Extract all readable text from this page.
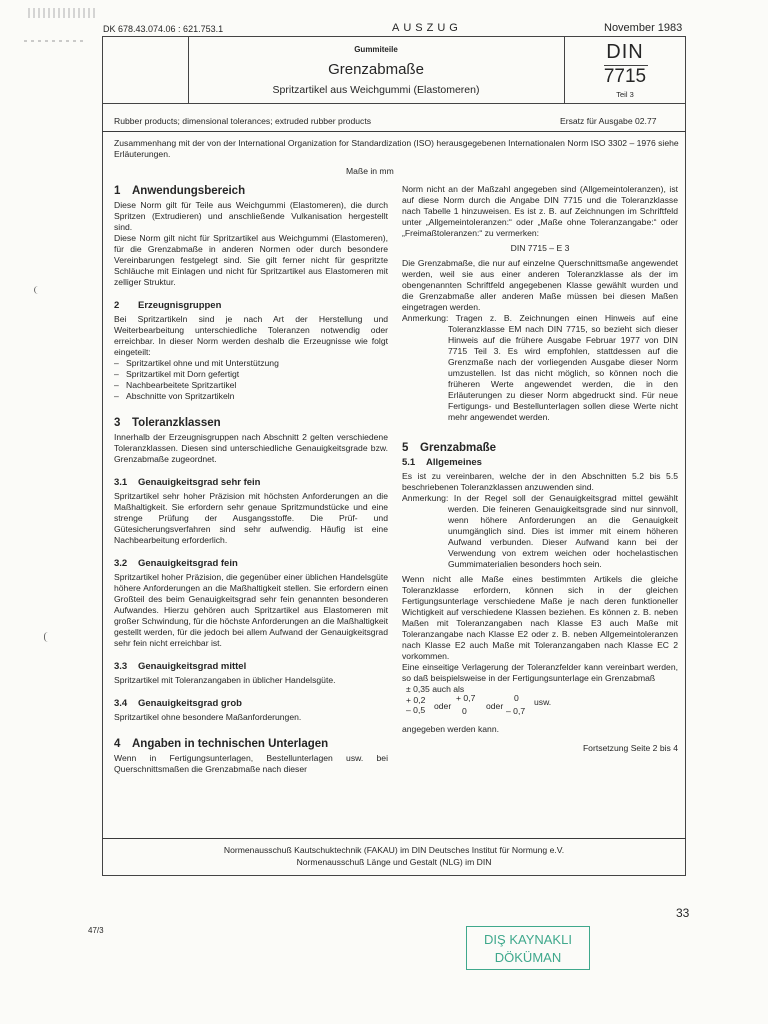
DK 678.43.074.06 : 621.753.1	AUSZUG	November 1983
Gummiteile
Grenzabmaße
Spritzartikel aus Weichgummi (Elastomeren)
DIN
7715
Teil 3
Rubber products; dimensional tolerances; extruded rubber products	Ersatz für Ausgabe 02.77
Zusammenhang mit der von der International Organization for Standardization (ISO) herausgegebenen Internationalen Norm ISO 3302 – 1976 siehe Erläuterungen.
Maße in mm
1 Anwendungsbereich
Diese Norm gilt für Teile aus Weichgummi (Elastomeren), die durch Spritzen (Extrudieren) und anschließende Vulkanisation hergestellt sind.
Diese Norm gilt nicht für Spritzartikel aus Weichgummi (Elastomeren), für die Grenzabmaße in anderen Normen oder durch besondere Vereinbarungen festgelegt sind. Sie gilt ferner nicht für gespritzte Schläuche mit Einlagen und nicht für Spritzartikel aus Elastomeren mit zelliger Struktur.
2 Erzeugnisgruppen
Bei Spritzartikeln sind je nach Art der Herstellung und Weiterbearbeitung unterschiedliche Toleranzen notwendig oder erreichbar. In dieser Norm werden deshalb die Erzeugnisse wie folgt eingeteilt:
– Spritzartikel ohne und mit Unterstützung
– Spritzartikel mit Dorn gefertigt
– Nachbearbeitete Spritzartikel
– Abschnitte von Spritzartikeln
3 Toleranzklassen
Innerhalb der Erzeugnisgruppen nach Abschnitt 2 gelten verschiedene Toleranzklassen. Diesen sind unterschiedliche Genauigkeitsgrade bzw. Grenzabmaße zugeordnet.
3.1 Genauigkeitsgrad sehr fein
Spritzartikel sehr hoher Präzision mit höchsten Anforderungen an die Maßhaltigkeit. Sie erfordern sehr genaue Spritzmundstücke und eine strenge Prüfung der Ausgangsstoffe. Die Prüf- und Gütesicherungsverfahren sind sehr aufwendig. Häufig ist eine Nachbearbeitung erforderlich.
3.2 Genauigkeitsgrad fein
Spritzartikel hoher Präzision, die gegenüber einer üblichen Handelsgüte höhere Anforderungen an die Maßhaltigkeit stellen. Sie erfordern einen Großteil des beim Genauigkeitsgrad sehr fein genannten besonderen Aufwandes. Hierzu gehören auch Spritzartikel aus Elastomeren mit großer Schwindung, für die höchste Anforderungen an die Maßhaltigkeit gestellt werden, für die jedoch bei allem Aufwand der Genauigkeitsgrad sehr fein nicht erreichbar ist.
3.3 Genauigkeitsgrad mittel
Spritzartikel mit Toleranzangaben in üblicher Handelsgüte.
3.4 Genauigkeitsgrad grob
Spritzartikel ohne besondere Maßanforderungen.
4 Angaben in technischen Unterlagen
Wenn in Fertigungsunterlagen, Bestellunterlagen usw. bei Querschnittsmaßen die Grenzabmaße nach dieser
Norm nicht an der Maßzahl angegeben sind (Allgemeintoleranzen), ist auf diese Norm durch die Angabe DIN 7715 und die Toleranzklasse nach Tabelle 1 hinzuweisen. Es ist z. B. auf Zeichnungen im Schriftfeld unter „Allgemeintoleranzen:“ oder „Maße ohne Toleranzangabe:“ oder „Freimaßtoleranzen:“ zu vermerken:
DIN 7715 – E 3
Die Grenzabmaße, die nur auf einzelne Querschnittsmaße angewendet werden, weil sie aus einer anderen Toleranzklasse als der im obengenannten Schriftfeld angegebenen Klasse gewählt wurden und die Grenzabmaße aller anderen Maße müssen bei diesen Maßen eingetragen werden.
Anmerkung: Tragen z. B. Zeichnungen einen Hinweis auf eine Toleranzklasse EM nach DIN 7715, so bezieht sich dieser Hinweis auf die frühere Ausgabe Februar 1977 von DIN 7715 Teil 3. Es wird empfohlen, stattdessen auf die Grenzmaße nach der vorliegenden Ausgabe dieser Norm umzustellen. Ist das nicht möglich, so können noch die früheren Werte angewendet werden, die in den Erläuterungen zu dieser Norm abgedruckt sind. Für neue Fertigungs- und Bestellunterlagen sollen diese Werte nicht mehr angewendet werden.
5 Grenzabmaße
5.1 Allgemeines
Es ist zu vereinbaren, welche der in den Abschnitten 5.2 bis 5.5 beschriebenen Toleranzklassen anzuwenden sind.
Anmerkung: In der Regel soll der Genauigkeitsgrad mittel gewählt werden. Die feineren Genauigkeitsgrade sind nur sinnvoll, wenn höhere Anforderungen an die Genauigkeit unumgänglich sind. Dies ist immer mit einem höheren Aufwand verbunden. Dieser Aufwand kann bei der Verwendung von extrem weichen oder hochelastischen Gummimaterialien besonders hoch sein.
Wenn nicht alle Maße eines bestimmten Artikels die gleiche Toleranzklasse erfordern, können sich in der gleichen Fertigungsunterlage verschiedene Maße je nach deren funktioneller Wichtigkeit auf verschiedene Klassen beziehen. Es können z. B. neben Maßen mit Toleranzangaben nach Klasse E3 auch Maße mit Toleranzangabe nach Klasse E2 oder z. B. neben Allgemeintoleranzen nach Klasse E2 auch Maße mit Toleranzangaben nach Klasse EC 2 vorkommen.
Eine einseitige Verlagerung der Toleranzfelder kann vereinbart werden, so daß beispielsweise in der Fertigungsunterlage ein Grenzabmaß
± 0,35 auch als
+ 0,2
– 0,5 oder
+ 0,7
0 oder
0
– 0,7
usw.
angegeben werden kann.
Fortsetzung Seite 2 bis 4
Normenausschuß Kautschuktechnik (FAKAU) im DIN Deutsches Institut für Normung e.V.
Normenausschuß Länge und Gestalt (NLG) im DIN
33
47/3
DIŞ KAYNAKLI
DÖKÜMAN
